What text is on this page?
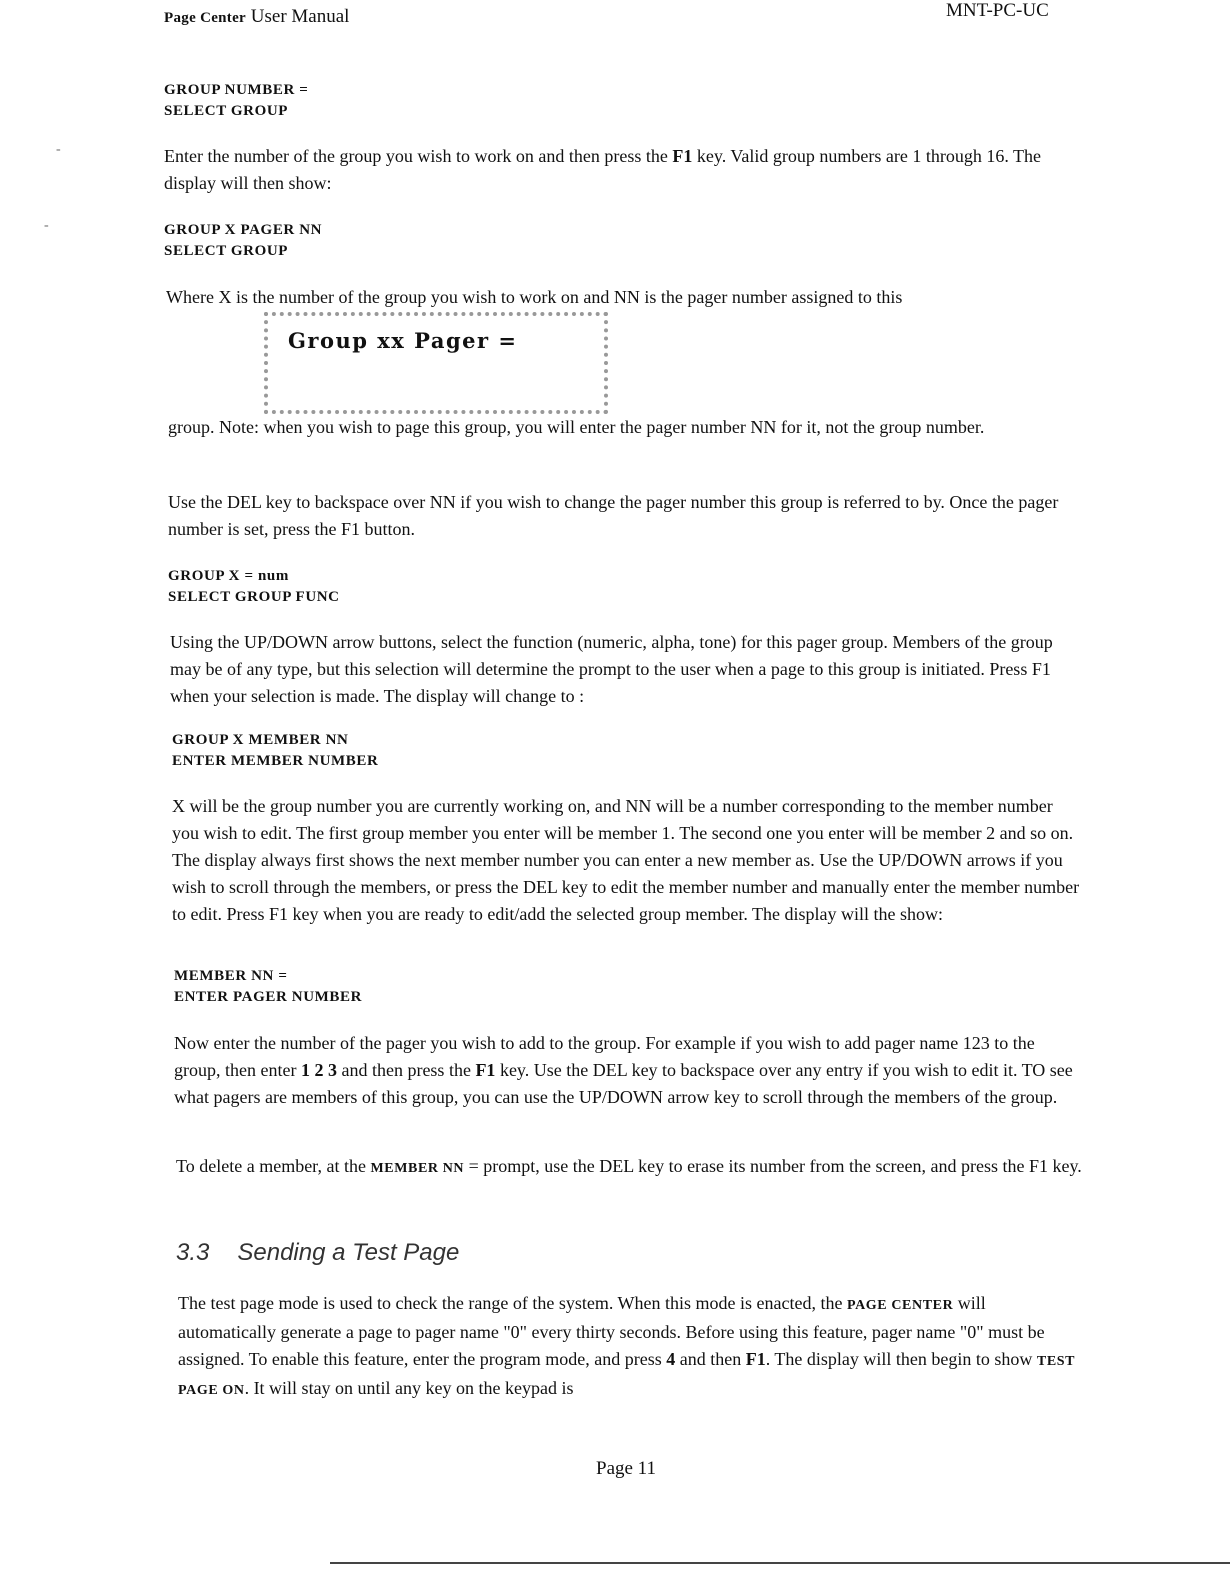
Page Center User Manual	MNT-PC-UC
-
-
GROUP NUMBER =
SELECT GROUP
Enter the number of the group you wish to work on and then press the F1 key. Valid group numbers are 1 through 16. The display will then show:
GROUP X PAGER NN
SELECT GROUP
Where X is the number of the group you wish to work on and NN is the pager number assigned to this
Group xx Pager =
group. Note: when you wish to page this group, you will enter the pager number NN for it, not the group number.
Use the DEL key to backspace over NN if you wish to change the pager number this group is referred to by. Once the pager number is set, press the F1 button.
GROUP X = num
SELECT GROUP FUNC
Using the UP/DOWN arrow buttons, select the function (numeric, alpha, tone) for this pager group. Members of the group may be of any type, but this selection will determine the prompt to the user when a page to this group is initiated. Press F1 when your selection is made. The display will change to :
GROUP X MEMBER NN
ENTER MEMBER NUMBER
X will be the group number you are currently working on, and NN will be a number corresponding to the member number you wish to edit. The first group member you enter will be member 1. The second one you enter will be member 2 and so on. The display always first shows the next member number you can enter a new member as. Use the UP/DOWN arrows if you wish to scroll through the members, or press the DEL key to edit the member number and manually enter the member number to edit. Press F1 key when you are ready to edit/add the selected group member. The display will the show:
MEMBER NN =
ENTER PAGER NUMBER
Now enter the number of the pager you wish to add to the group. For example if you wish to add pager name 123 to the group, then enter 1 2 3 and then press the F1 key. Use the DEL key to backspace over any entry if you wish to edit it. TO see what pagers are members of this group, you can use the UP/DOWN arrow key to scroll through the members of the group.
To delete a member, at the MEMBER NN = prompt, use the DEL key to erase its number from the screen, and press the F1 key.
3.3 Sending a Test Page
The test page mode is used to check the range of the system. When this mode is enacted, the PAGE CENTER will automatically generate a page to pager name "0" every thirty seconds. Before using this feature, pager name "0" must be assigned. To enable this feature, enter the program mode, and press 4 and then F1. The display will then begin to show TEST PAGE ON. It will stay on until any key on the keypad is
Page 11
